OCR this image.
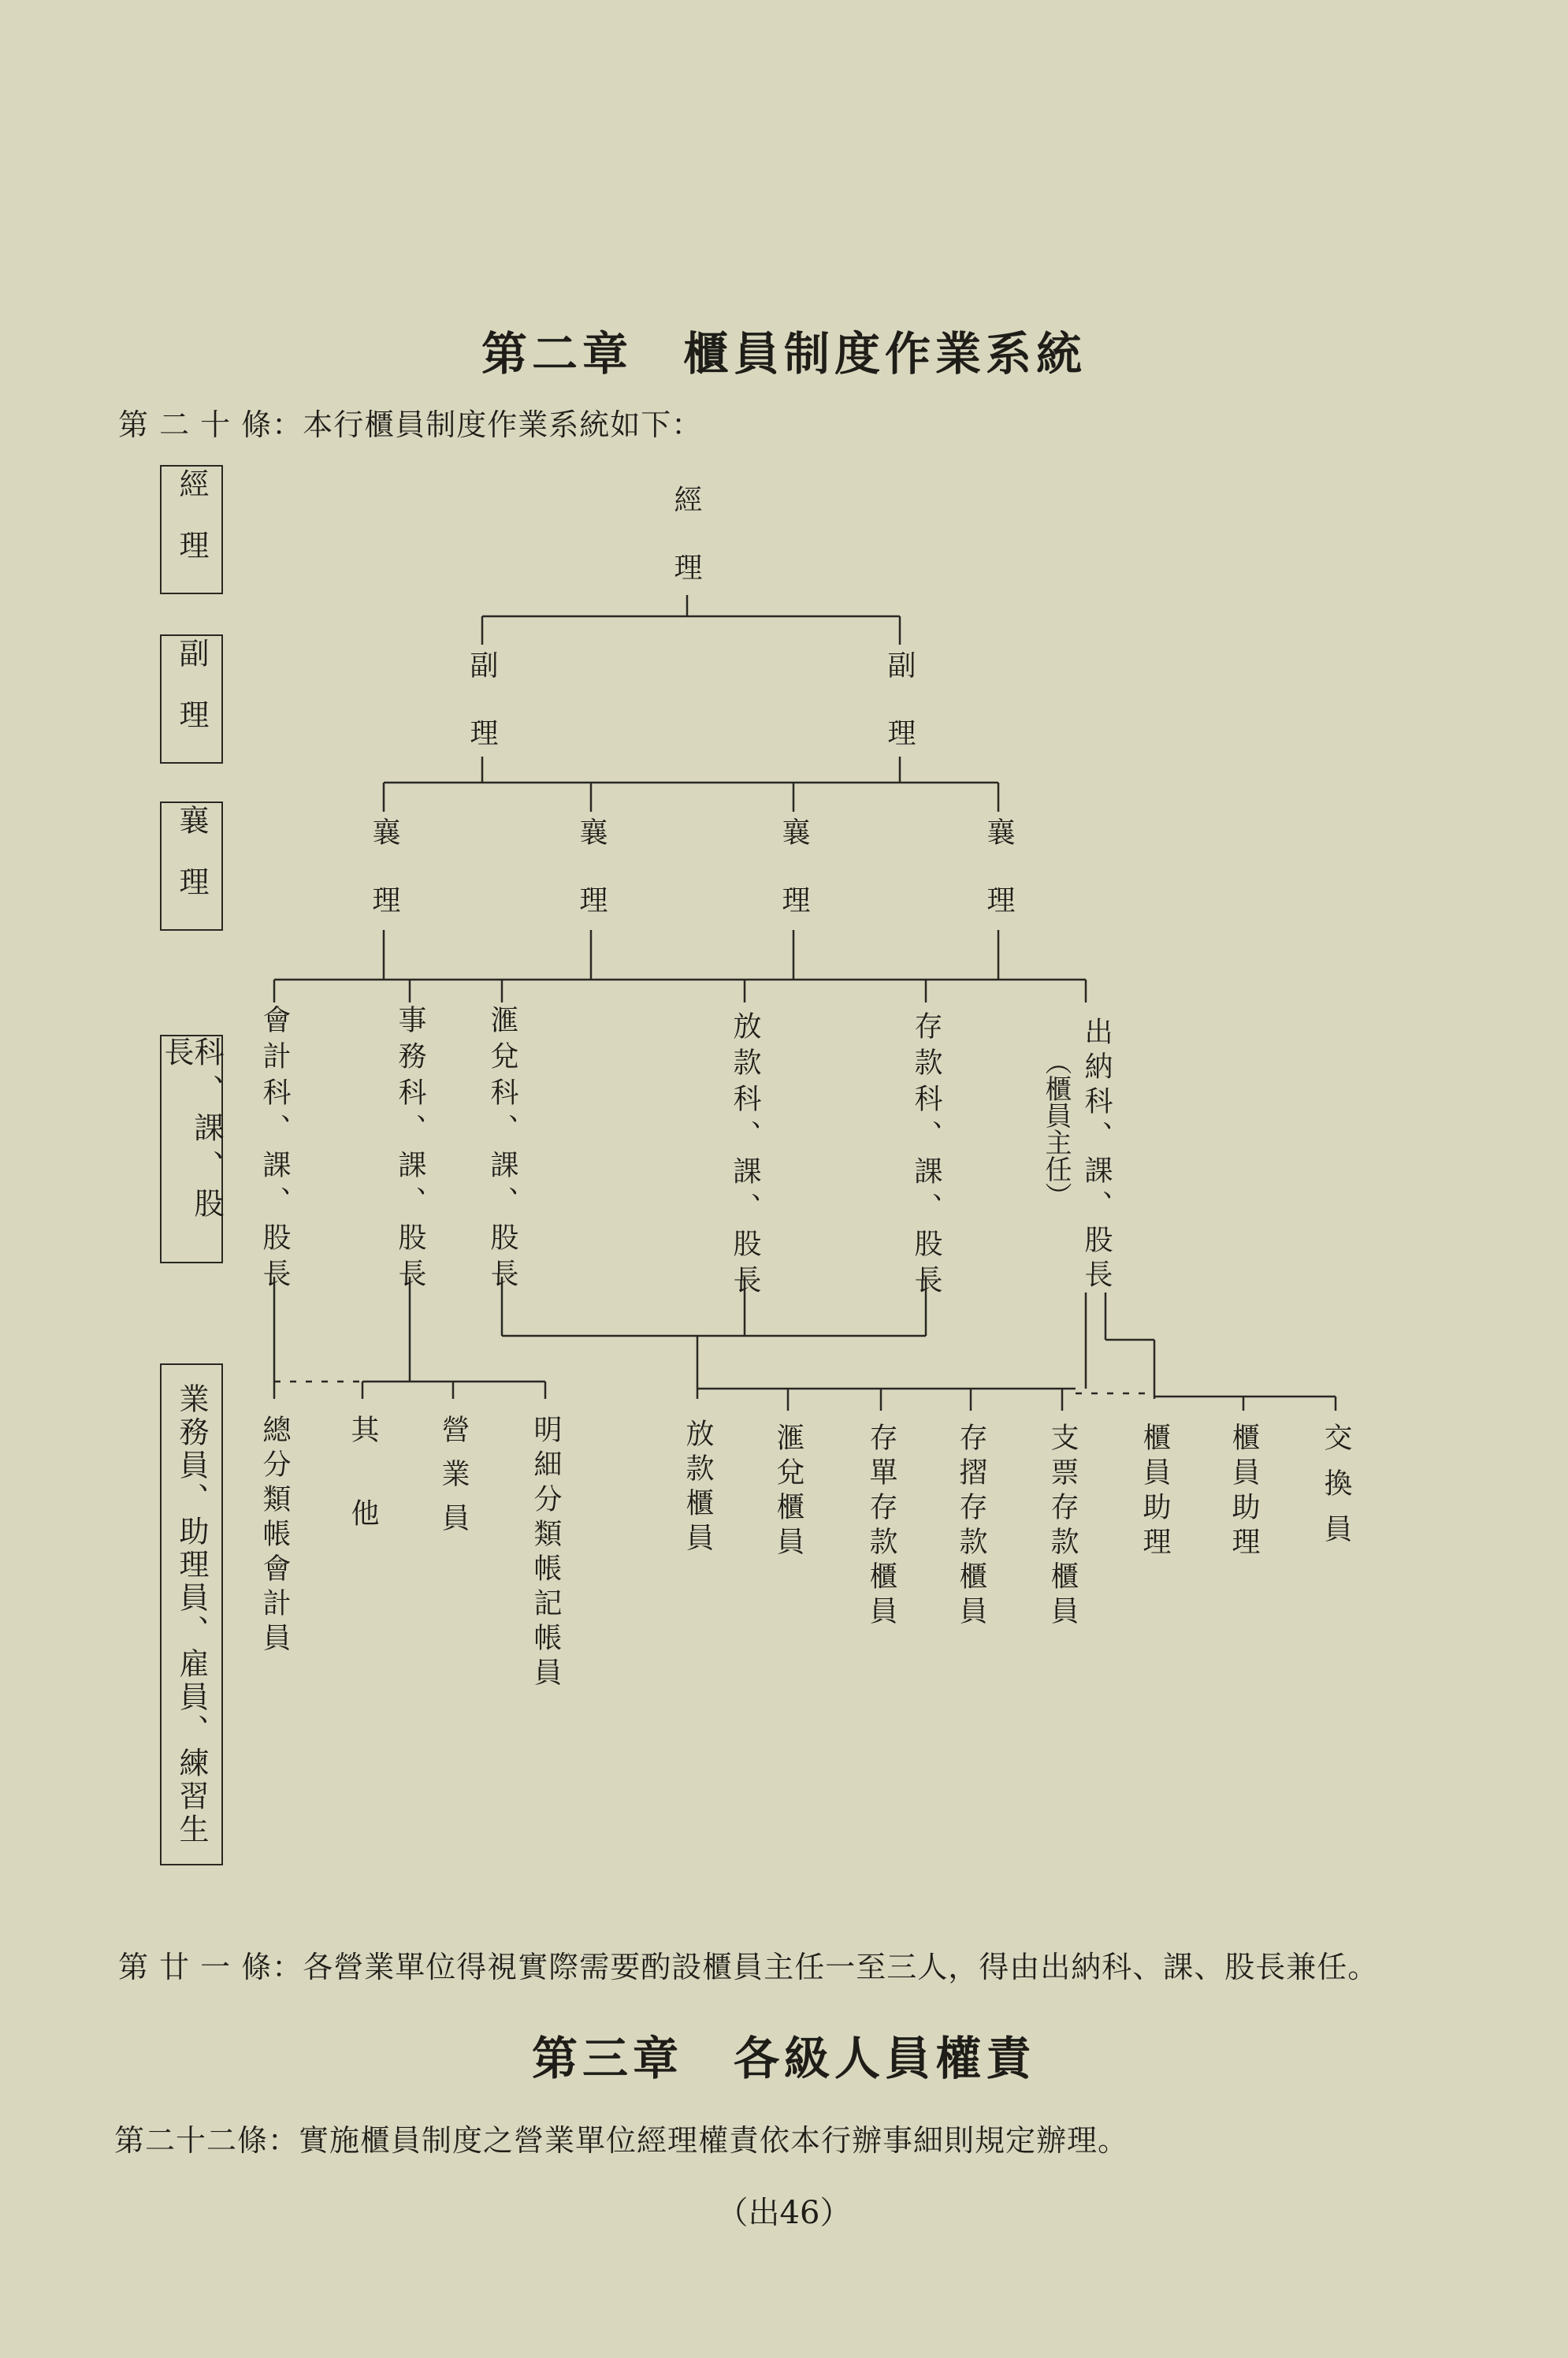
第二章　櫃員制度作業系統
第 二 十 條：本行櫃員制度作業系統如下：
經理
副理
襄理
科、課、股長
業務員、助理員、雇員、練習生
經理
副理	副理
襄理	襄理	襄理	襄理
會計科、課、股長	事務科、課、股長 滙兌科、課、股長	放款科、課、股長	存款科、課、股長	出納科、課、股長
︵櫃員主任︶
總分類帳會計員 其他 營業員 明細分類帳記帳員	放款櫃員 滙兌櫃員 存單存款櫃員 存摺存款櫃員 支票存款櫃員 櫃員助理 櫃員助理 交換員
第 廿 一 條：各營業單位得視實際需要酌設櫃員主任一至三人，得由出納科、課、股長兼任。
第三章　各級人員權責
第二十二條：實施櫃員制度之營業單位經理權責依本行辦事細則規定辦理。
（出46）
